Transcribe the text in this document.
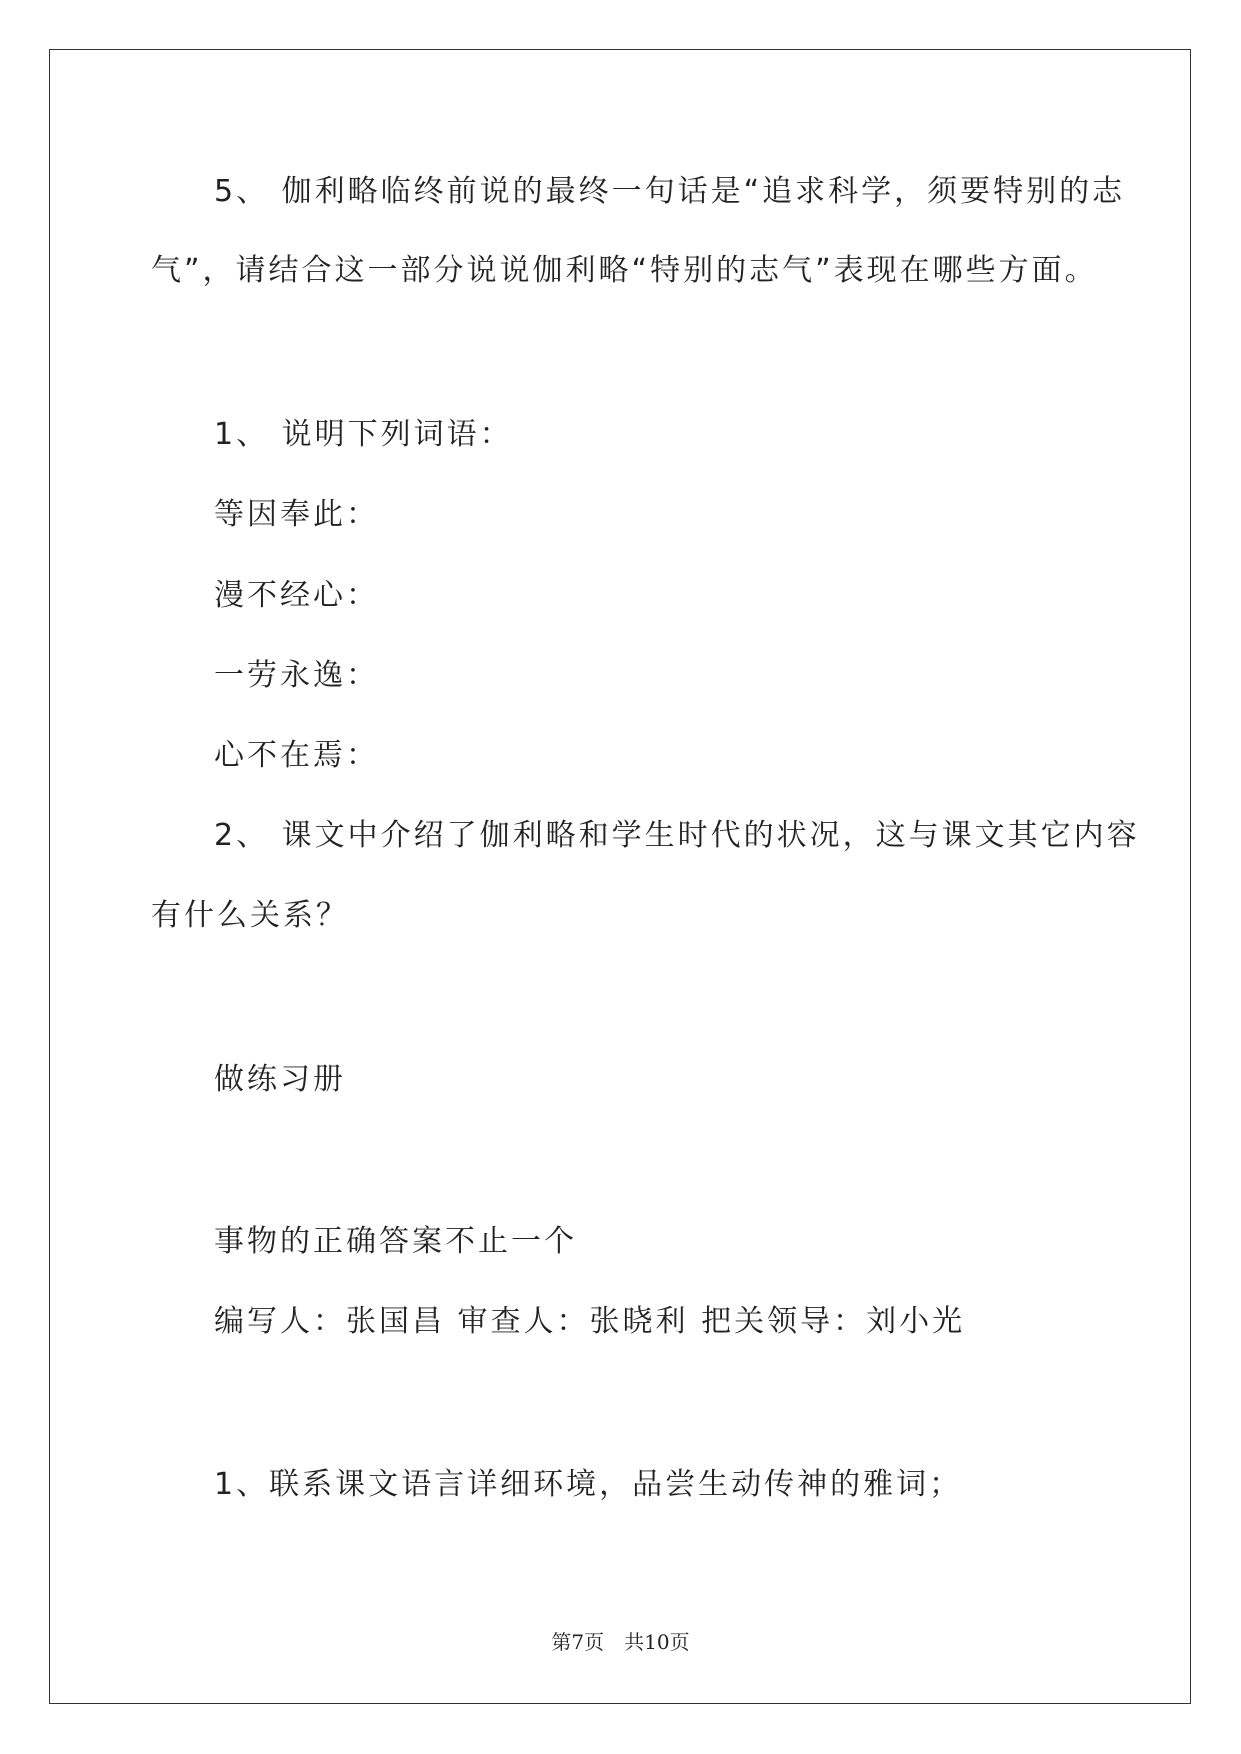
5、 伽利略临终前说的最终一句话是“追求科学，须要特别的志
气”，请结合这一部分说说伽利略“特别的志气”表现在哪些方面。
1、 说明下列词语：
等因奉此：
漫不经心：
一劳永逸：
心不在焉：
2、 课文中介绍了伽利略和学生时代的状况，这与课文其它内容
有什么关系？
做练习册
事物的正确答案不止一个
编写人：张国昌 审查人：张晓利 把关领导：刘小光
1、联系课文语言详细环境，品尝生动传神的雅词；
第7页　共10页
